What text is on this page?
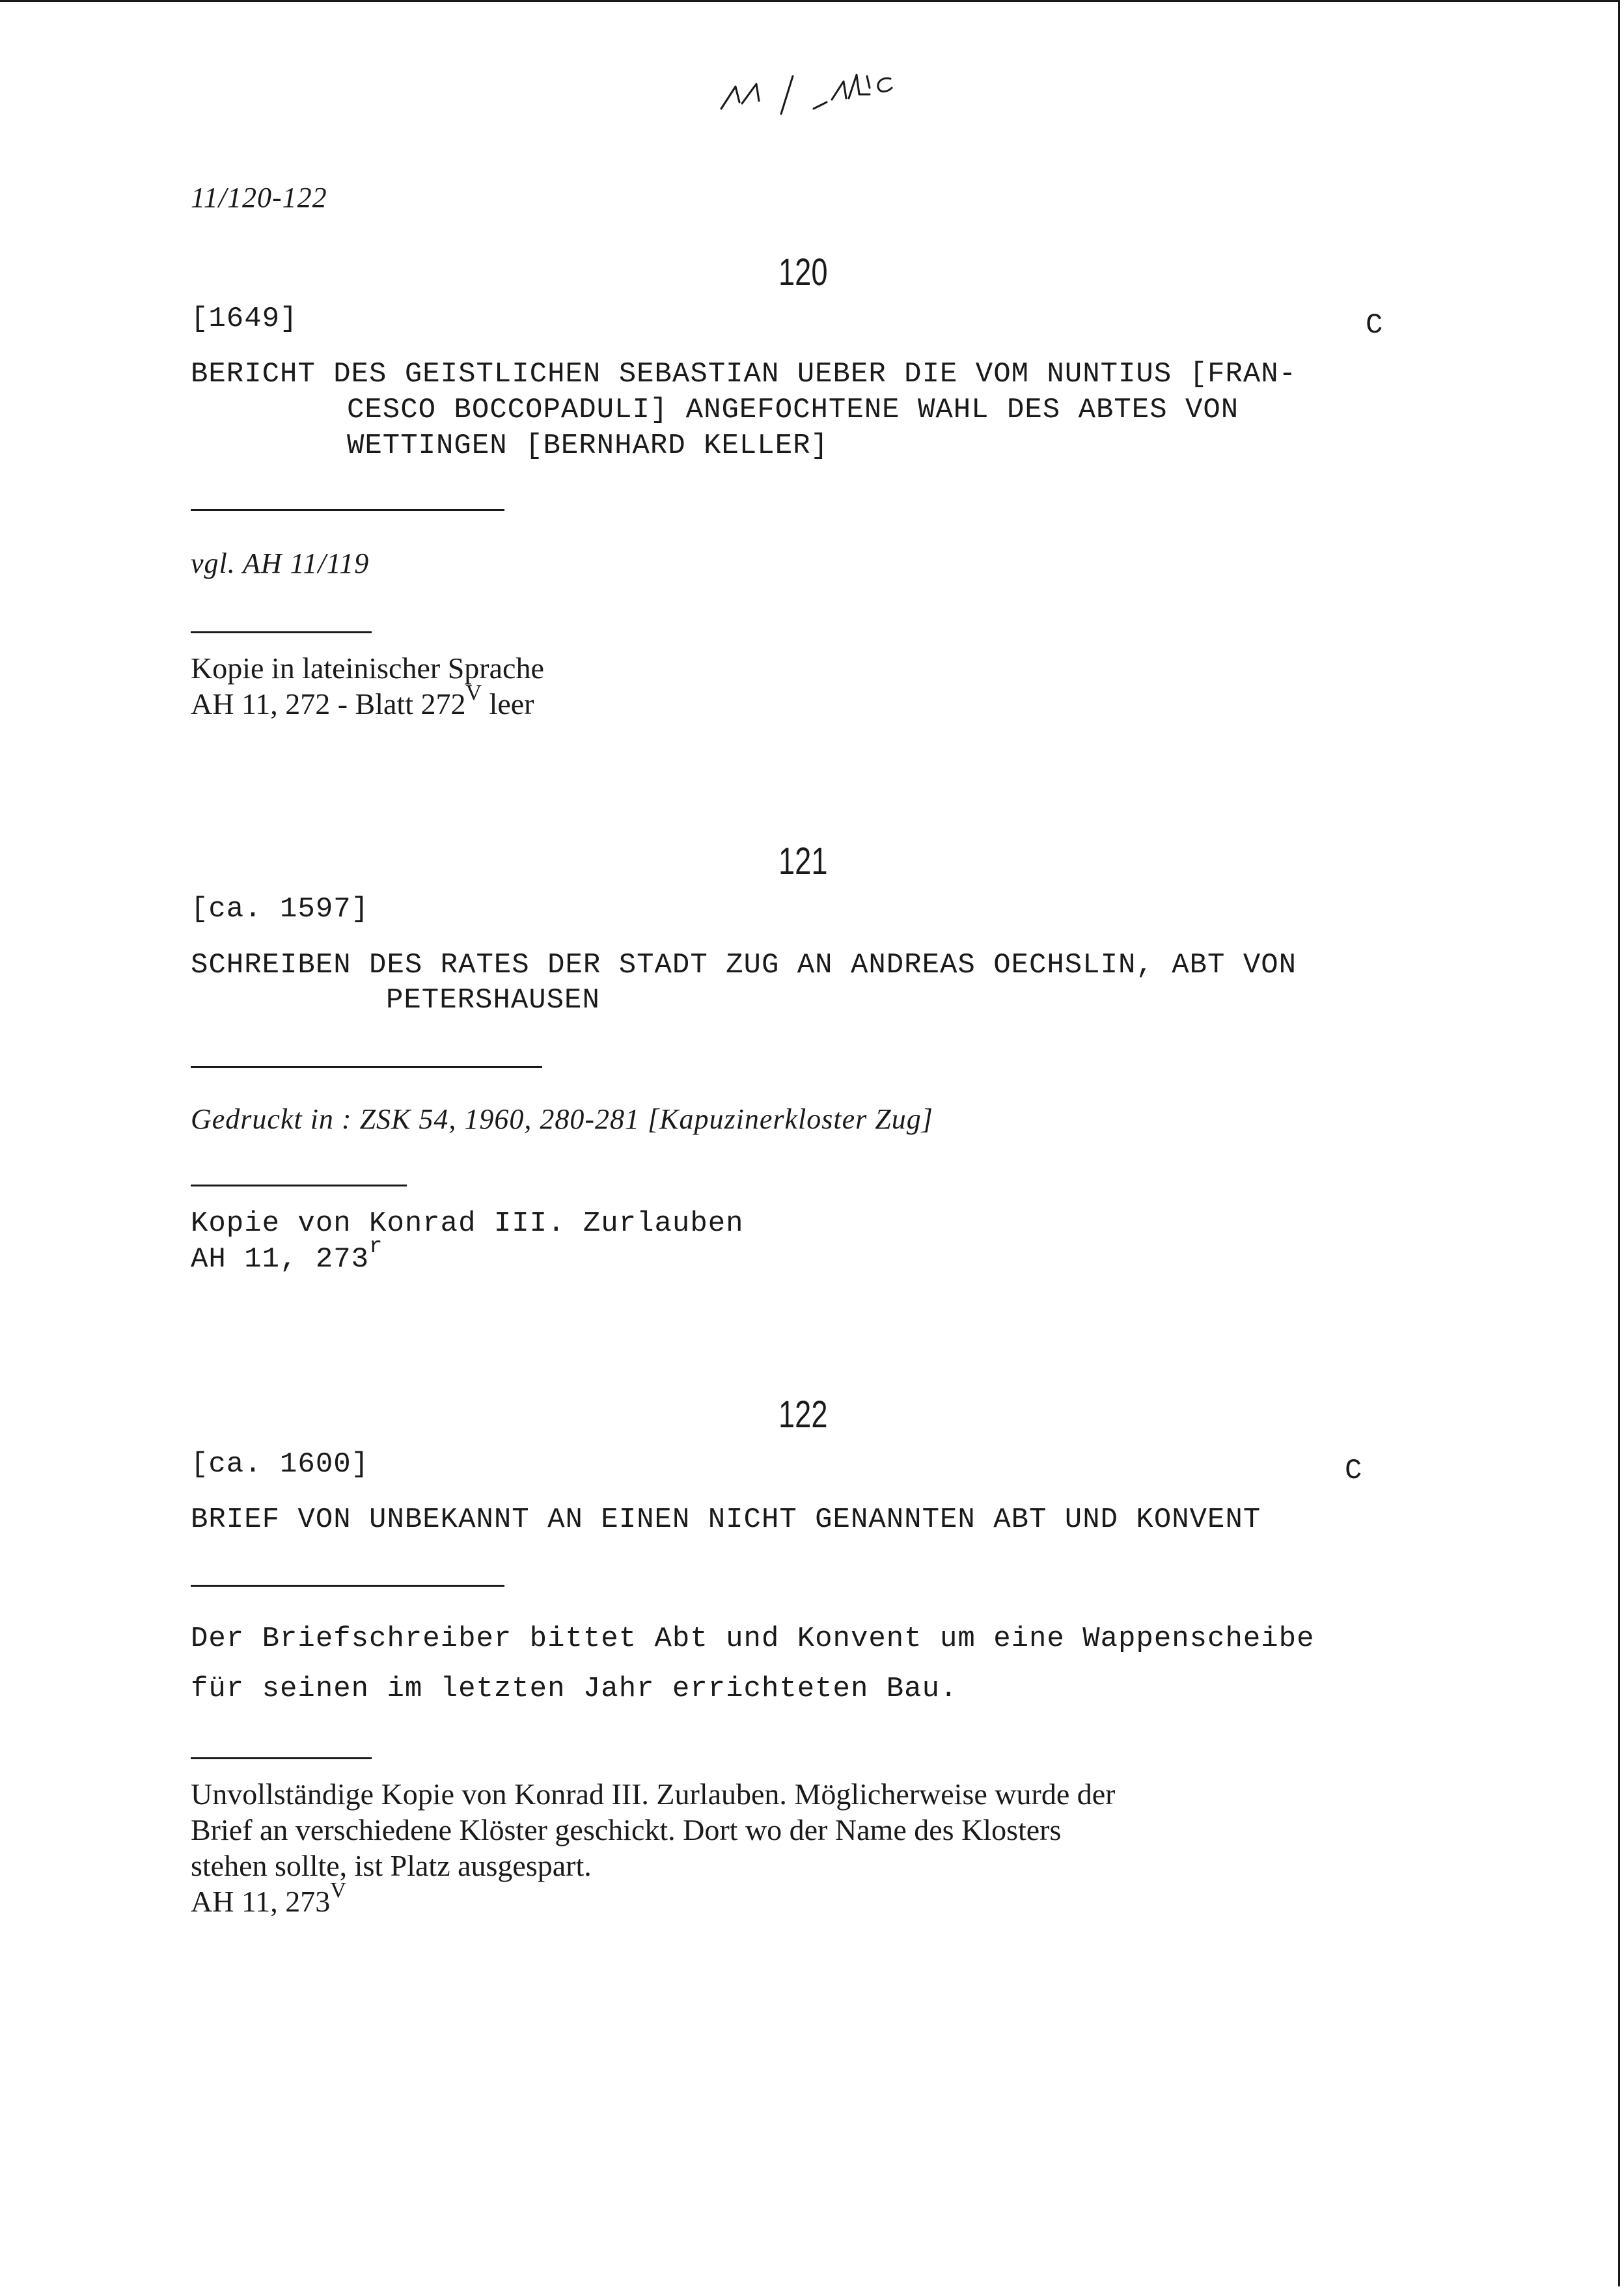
11/120-122
120
[1649]	C
BERICHT DES GEISTLICHEN SEBASTIAN UEBER DIE VOM NUNTIUS [FRAN-
CESCO BOCCOPADULI] ANGEFOCHTENE WAHL DES ABTES VON
WETTINGEN [BERNHARD KELLER]
vgl. AH 11/119
Kopie in lateinischer Sprache
AH 11, 272 - Blatt $272^V$ leer
121
[ca. 1597]
SCHREIBEN DES RATES DER STADT ZUG AN ANDREAS OECHSLIN, ABT VON
PETERSHAUSEN
Gedruckt in : ZSK 54, 1960, 280-281 [Kapuzinerkloster Zug]
Kopie von Konrad III. Zurlauben
AH 11, 273$^r$
122
[ca. 1600]	C
BRIEF VON UNBEKANNT AN EINEN NICHT GENANNTEN ABT UND KONVENT
Der Briefschreiber bittet Abt und Konvent um eine Wappenscheibe
für seinen im letzten Jahr errichteten Bau.
Unvollständige Kopie von Konrad III. Zurlauben. Möglicherweise wurde der
Brief an verschiedene Klöster geschickt. Dort wo der Name des Klosters
stehen sollte, ist Platz ausgespart.
AH 11, $273^V$
